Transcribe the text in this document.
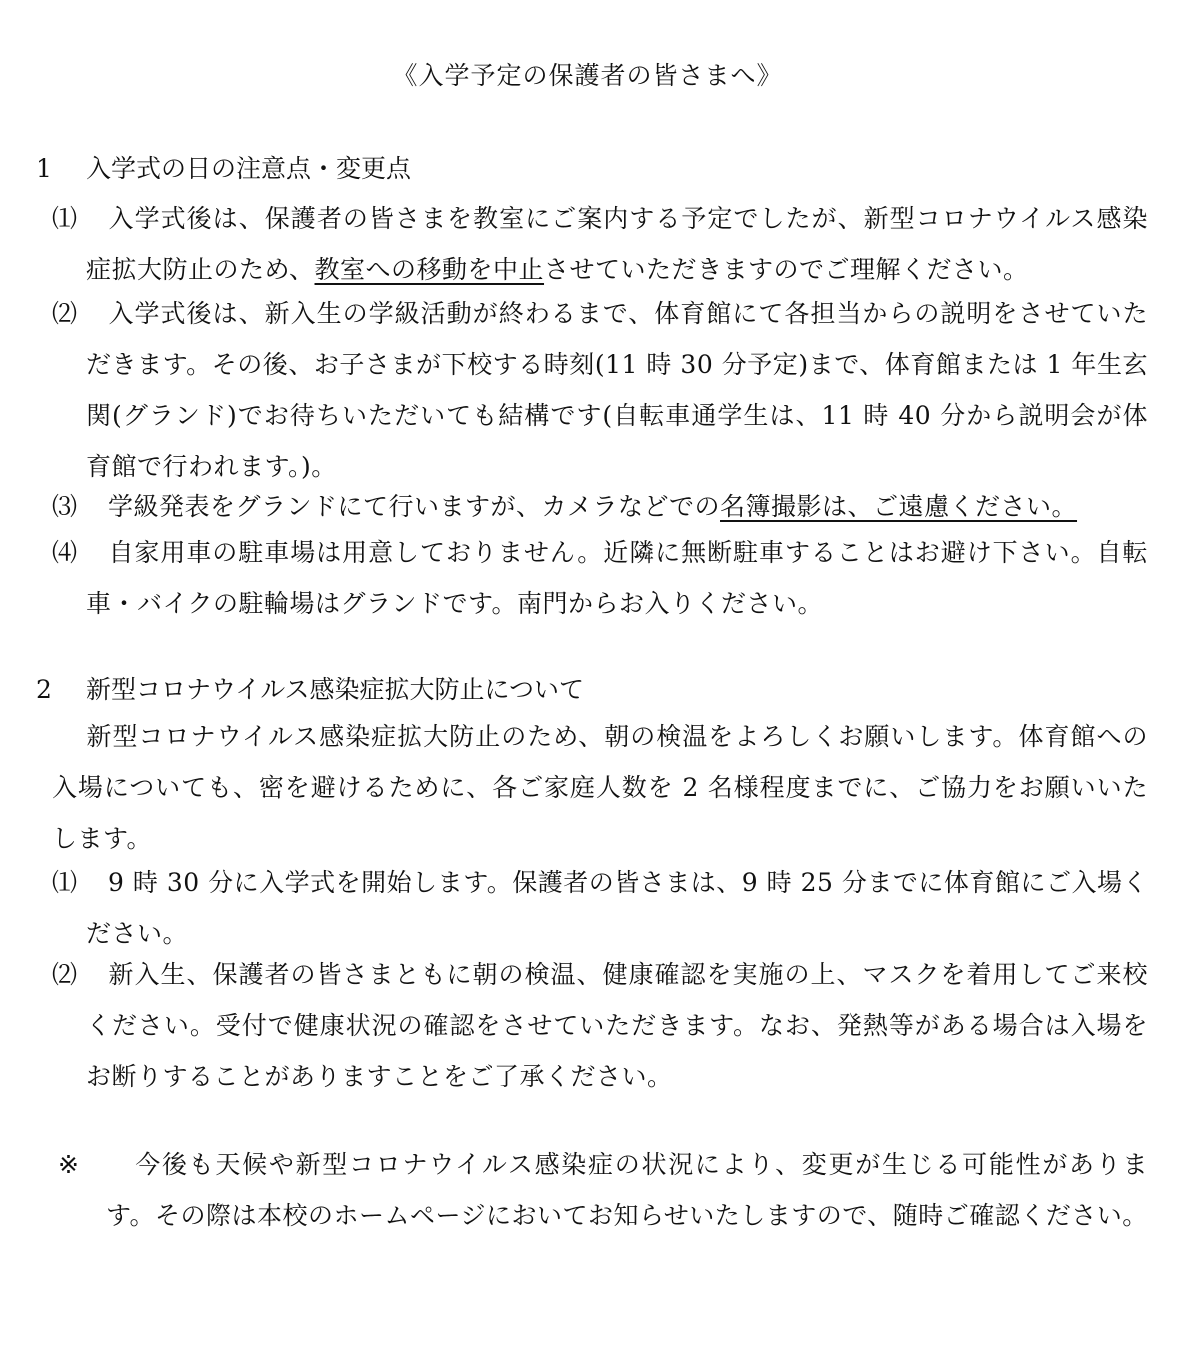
《入学予定の保護者の皆さまへ》
1 入学式の日の注意点・変更点
⑴	入学式後は、保護者の皆さまを教室にご案内する予定でしたが、新型コロナウイルス感染症拡大防止のため、教室への移動を中止させていただきますのでご理解ください。
⑵	入学式後は、新入生の学級活動が終わるまで、体育館にて各担当からの説明をさせていただきます。その後、お子さまが下校する時刻(11 時 30 分予定)まで、体育館または 1 年生玄関(グランド)でお待ちいただいても結構です(自転車通学生は、11 時 40 分から説明会が体育館で行われます。)。
⑶	学級発表をグランドにて行いますが、カメラなどでの名簿撮影は、ご遠慮ください。
⑷	自家用車の駐車場は用意しておりません。近隣に無断駐車することはお避け下さい。自転車・バイクの駐輪場はグランドです。南門からお入りください。
2 新型コロナウイルス感染症拡大防止について
新型コロナウイルス感染症拡大防止のため、朝の検温をよろしくお願いします。体育館への入場についても、密を避けるために、各ご家庭人数を 2 名様程度までに、ご協力をお願いいたします。
⑴	9 時 30 分に入学式を開始します。保護者の皆さまは、9 時 25 分までに体育館にご入場ください。
⑵	新入生、保護者の皆さまともに朝の検温、健康確認を実施の上、マスクを着用してご来校ください。受付で健康状況の確認をさせていただきます。なお、発熱等がある場合は入場をお断りすることがありますことをご了承ください。
※	今後も天候や新型コロナウイルス感染症の状況により、変更が生じる可能性があります。その際は本校のホームページにおいてお知らせいたしますので、随時ご確認ください。
